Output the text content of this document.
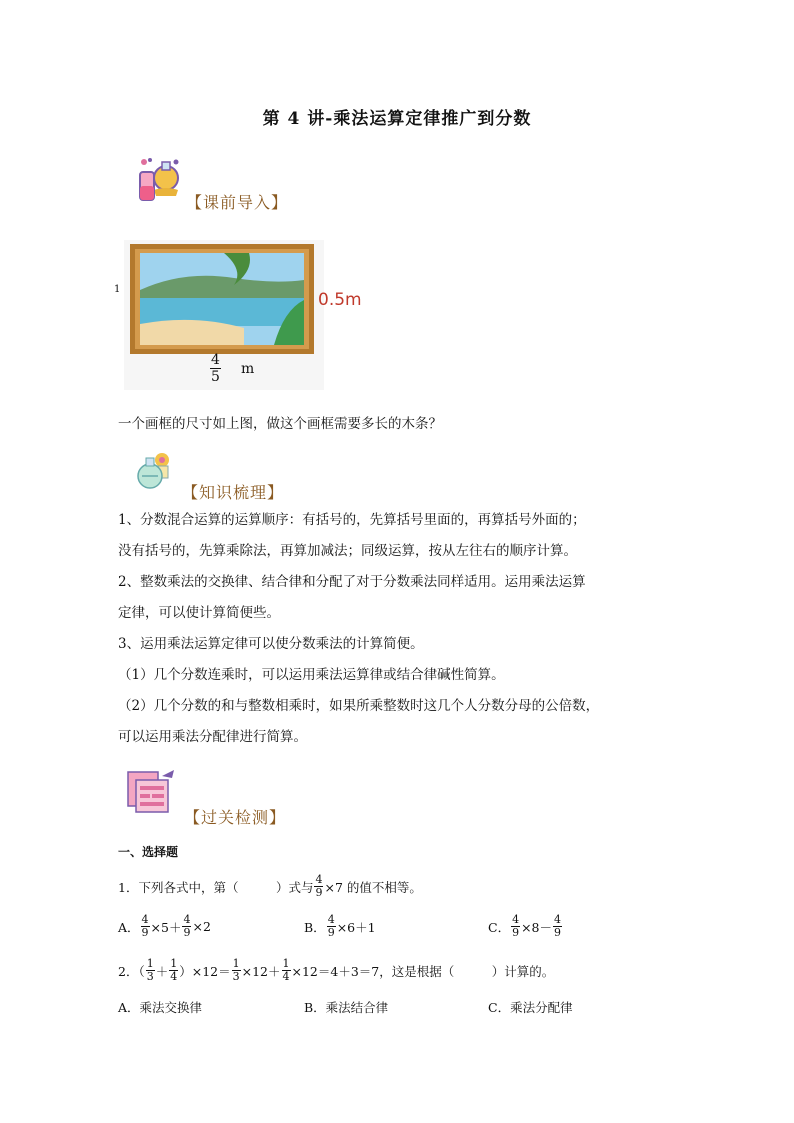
第 4 讲-乘法运算定律推广到分数
【课前导入】
1
0.5m
$\frac{4}{5}$ m
一个画框的尺寸如上图，做这个画框需要多长的木条？
【知识梳理】
1、分数混合运算的运算顺序：有括号的，先算括号里面的，再算括号外面的；
没有括号的，先算乘除法，再算加减法；同级运算，按从左往右的顺序计算。
2、整数乘法的交换律、结合律和分配了对于分数乘法同样适用。运用乘法运算
定律，可以使计算简便些。
3、运用乘法运算定律可以使分数乘法的计算简便。
（1）几个分数连乘时，可以运用乘法运算律或结合律碱性简算。
（2）几个分数的和与整数相乘时，如果所乘整数时这几个人分数分母的公倍数，
可以运用乘法分配律进行简算。
【过关检测】
一、选择题
1．下列各式中，第（　　　）式与 $\frac{4}{9} \times 7$ 的值不相等。
A． $\frac{4}{9} \times 5+ \frac{4}{9} \times 2$	B． $\frac{4}{9} \times 6+1$	C． $\frac{4}{9} \times 8- \frac{4}{9}$
2．（ $\frac{1}{3} + \frac{1}{4} )\times 12= \frac{1}{3} \times 12+ \frac{1}{4} \times 12=4+3=7$，这是根据（　　　）计算的。
A．乘法交换律	B．乘法结合律	C．乘法分配律
